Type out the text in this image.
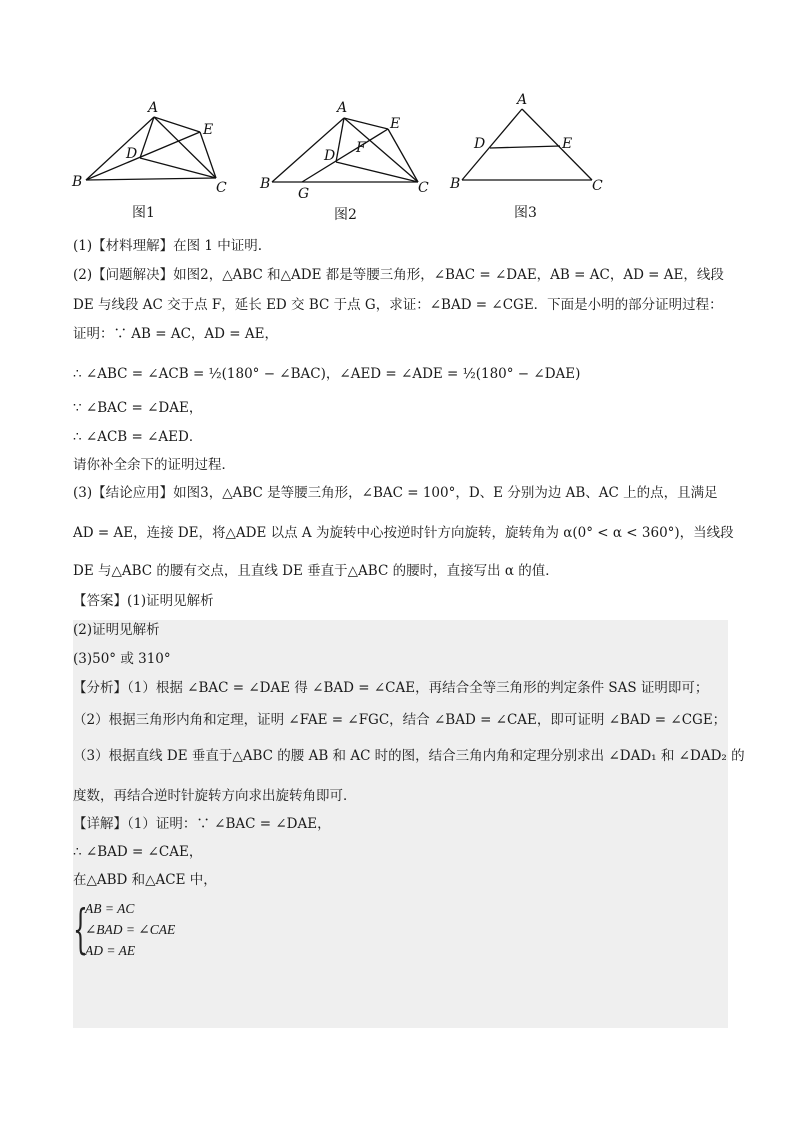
A
B	C
D
E
图1
A
B	C
D
E
F
G
图2
A
B	C
D	E
图3

(1)【材料理解】在图 1 中证明.

(2)【问题解决】如图2，△ABC 和△ADE 都是等腰三角形，∠BAC = ∠DAE，AB = AC，AD = AE，线段

DE 与线段 AC 交于点 F，延长 ED 交 BC 于点 G，求证：∠BAD = ∠CGE．下面是小明的部分证明过程：

证明：∵ AB = AC，AD = AE，

∴ ∠ABC = ∠ACB = ½(180° − ∠BAC)，∠AED = ∠ADE = ½(180° − ∠DAE)

∵ ∠BAC = ∠DAE，

∴ ∠ACB = ∠AED．

请你补全余下的证明过程．

(3)【结论应用】如图3，△ABC 是等腰三角形，∠BAC = 100°，D、E 分别为边 AB、AC 上的点，且满足

AD = AE，连接 DE，将△ADE 以点 A 为旋转中心按逆时针方向旋转，旋转角为 α(0° < α < 360°)，当线段

DE 与△ABC 的腰有交点，且直线 DE 垂直于△ABC 的腰时，直接写出 α 的值．

【答案】(1)证明见解析

(2)证明见解析

(3)50° 或 310°

【分析】（1）根据 ∠BAC = ∠DAE 得 ∠BAD = ∠CAE，再结合全等三角形的判定条件 SAS 证明即可；

（2）根据三角形内角和定理，证明 ∠FAE = ∠FGC，结合 ∠BAD = ∠CAE，即可证明 ∠BAD = ∠CGE；

（3）根据直线 DE 垂直于△ABC 的腰 AB 和 AC 时的图，结合三角内角和定理分别求出 ∠DAD₁ 和 ∠DAD₂ 的

度数，再结合逆时针旋转方向求出旋转角即可．

【详解】（1）证明：∵ ∠BAC = ∠DAE，

∴ ∠BAD = ∠CAE，

在△ABD 和△ACE 中，

{

AB = AC

∠BAD = ∠CAE

AD = AE
